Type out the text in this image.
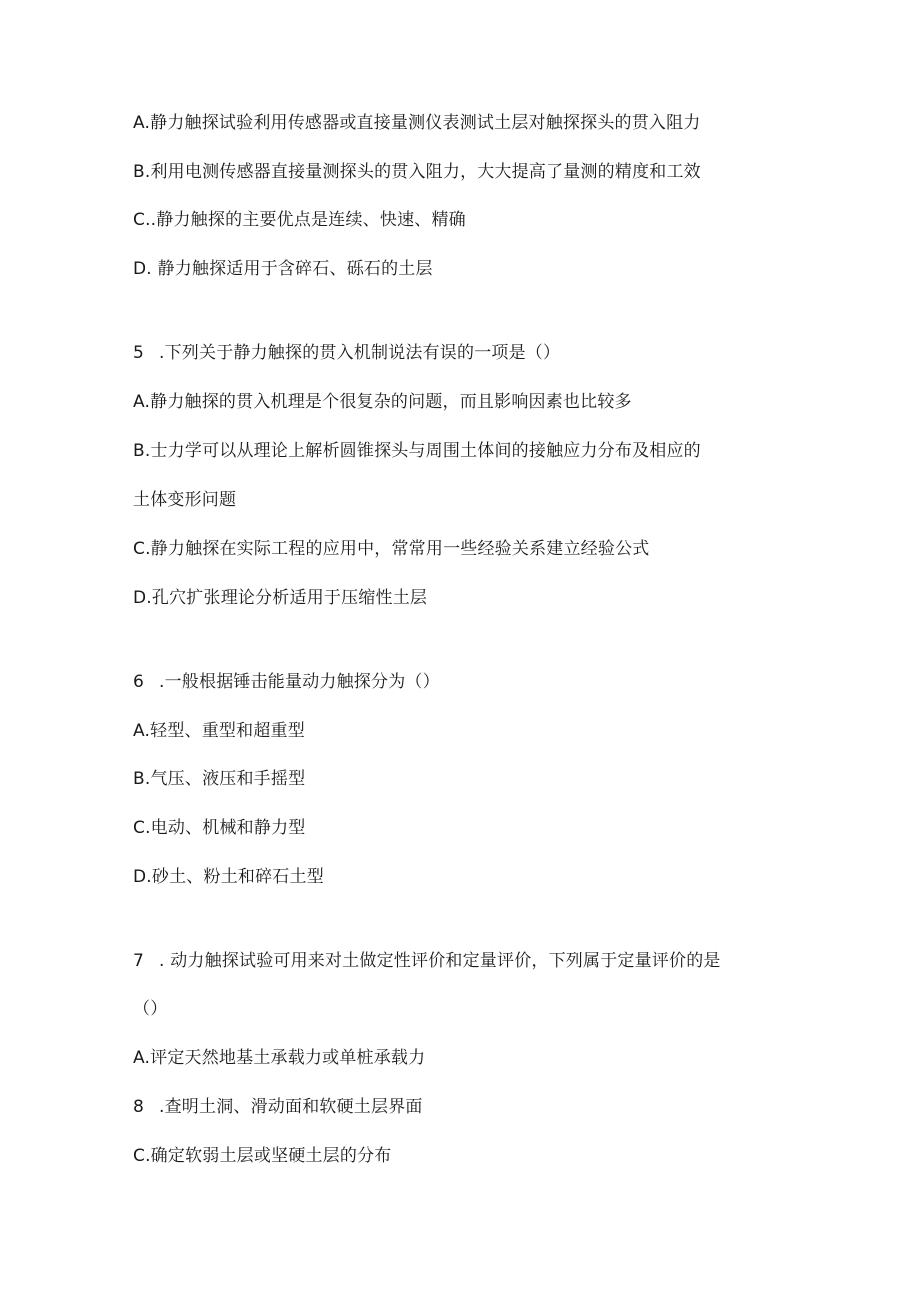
A.静力触探试验利用传感器或直接量测仪表测试土层对触探探头的贯入阻力
B.利用电测传感器直接量测探头的贯入阻力，大大提高了量测的精度和工效
C..静力触探的主要优点是连续、快速、精确
D. 静力触探适用于含碎石、砾石的土层
5 .下列关于静力触探的贯入机制说法有误的一项是（）
A.静力触探的贯入机理是个很复杂的问题，而且影响因素也比较多
B.士力学可以从理论上解析圆锥探头与周围土体间的接触应力分布及相应的
土体变形问题
C.静力触探在实际工程的应用中，常常用一些经验关系建立经验公式
D.孔穴扩张理论分析适用于压缩性土层
6 .一般根据锤击能量动力触探分为（）
A.轻型、重型和超重型
B.气压、液压和手摇型
C.电动、机械和静力型
D.砂土、粉土和碎石土型
7 . 动力触探试验可用来对土做定性评价和定量评价，下列属于定量评价的是
（）
A.评定天然地基土承载力或单桩承载力
8 .查明土洞、滑动面和软硬土层界面
C.确定软弱土层或坚硬土层的分布
